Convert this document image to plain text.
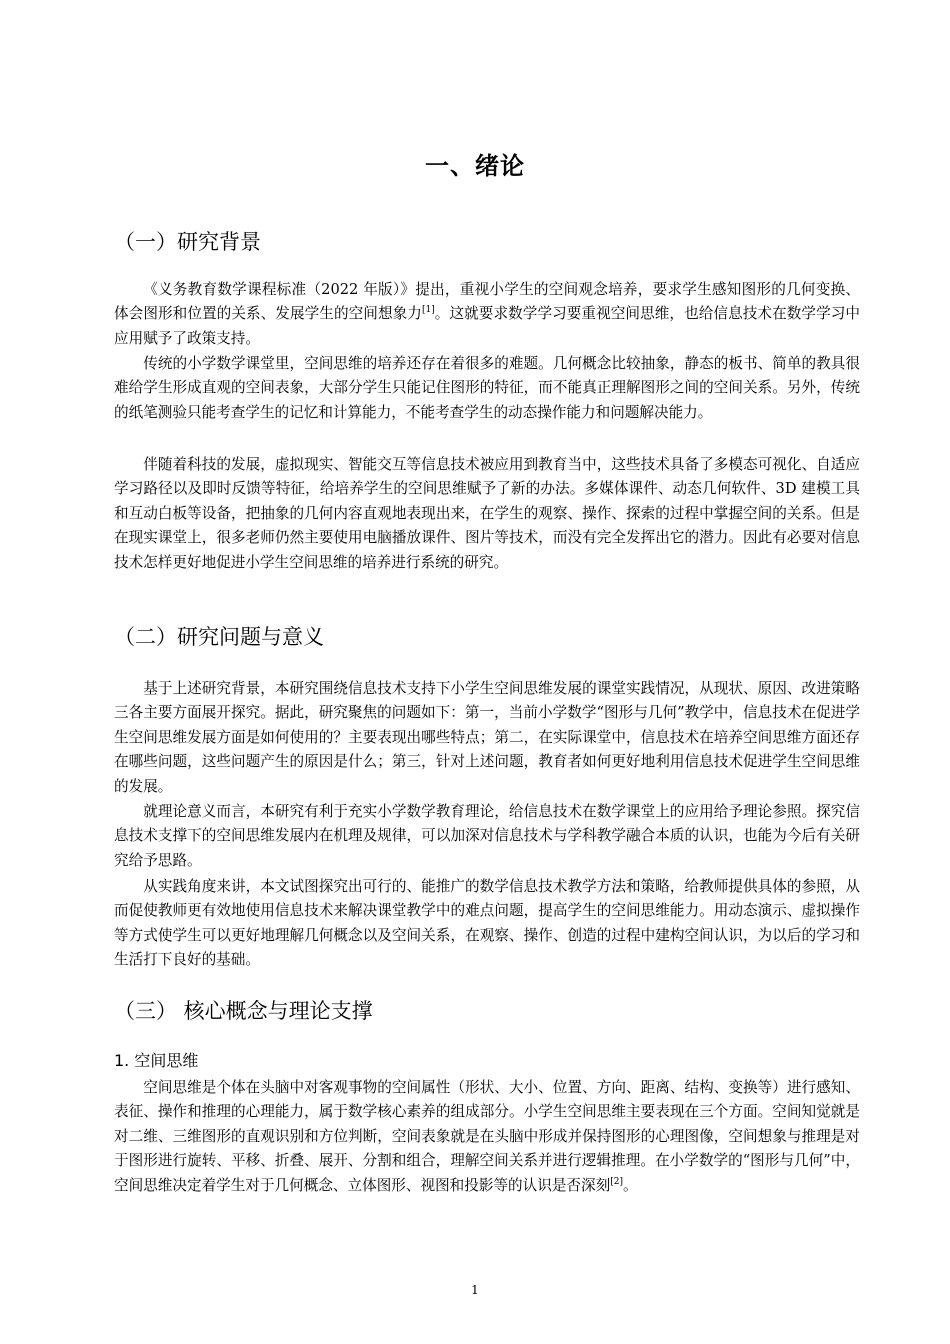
一、绪论
（一）研究背景

《义务教育数学课程标准（2022 年版）》提出，重视小学生的空间观念培养，要求学生感知图形的几何变换、体会图形和位置的关系、发展学生的空间想象力[1]。这就要求数学学习要重视空间思维，也给信息技术在数学学习中应用赋予了政策支持。

传统的小学数学课堂里，空间思维的培养还存在着很多的难题。几何概念比较抽象，静态的板书、简单的教具很难给学生形成直观的空间表象，大部分学生只能记住图形的特征，而不能真正理解图形之间的空间关系。另外，传统的纸笔测验只能考查学生的记忆和计算能力，不能考查学生的动态操作能力和问题解决能力。

伴随着科技的发展，虚拟现实、智能交互等信息技术被应用到教育当中，这些技术具备了多模态可视化、自适应学习路径以及即时反馈等特征，给培养学生的空间思维赋予了新的办法。多媒体课件、动态几何软件、3D 建模工具和互动白板等设备，把抽象的几何内容直观地表现出来，在学生的观察、操作、探索的过程中掌握空间的关系。但是在现实课堂上，很多老师仍然主要使用电脑播放课件、图片等技术，而没有完全发挥出它的潜力。因此有必要对信息技术怎样更好地促进小学生空间思维的培养进行系统的研究。

（二）研究问题与意义

基于上述研究背景，本研究围绕信息技术支持下小学生空间思维发展的课堂实践情况，从现状、原因、改进策略三各主要方面展开探究。据此，研究聚焦的问题如下：第一，当前小学数学“图形与几何”教学中，信息技术在促进学生空间思维发展方面是如何使用的？主要表现出哪些特点；第二，在实际课堂中，信息技术在培养空间思维方面还存在哪些问题，这些问题产生的原因是什么；第三，针对上述问题，教育者如何更好地利用信息技术促进学生空间思维的发展。

就理论意义而言，本研究有利于充实小学数学教育理论，给信息技术在数学课堂上的应用给予理论参照。探究信息技术支撑下的空间思维发展内在机理及规律，可以加深对信息技术与学科教学融合本质的认识，也能为今后有关研究给予思路。

从实践角度来讲，本文试图探究出可行的、能推广的数学信息技术教学方法和策略，给教师提供具体的参照，从而促使教师更有效地使用信息技术来解决课堂教学中的难点问题，提高学生的空间思维能力。用动态演示、虚拟操作等方式使学生可以更好地理解几何概念以及空间关系，在观察、操作、创造的过程中建构空间认识，为以后的学习和生活打下良好的基础。

（三） 核心概念与理论支撑
1. 空间思维

空间思维是个体在头脑中对客观事物的空间属性（形状、大小、位置、方向、距离、结构、变换等）进行感知、表征、操作和推理的心理能力，属于数学核心素养的组成部分。小学生空间思维主要表现在三个方面。空间知觉就是对二维、三维图形的直观识别和方位判断，空间表象就是在头脑中形成并保持图形的心理图像，空间想象与推理是对于图形进行旋转、平移、折叠、展开、分割和组合，理解空间关系并进行逻辑推理。在小学数学的“图形与几何”中，空间思维决定着学生对于几何概念、立体图形、视图和投影等的认识是否深刻[2]。

1
